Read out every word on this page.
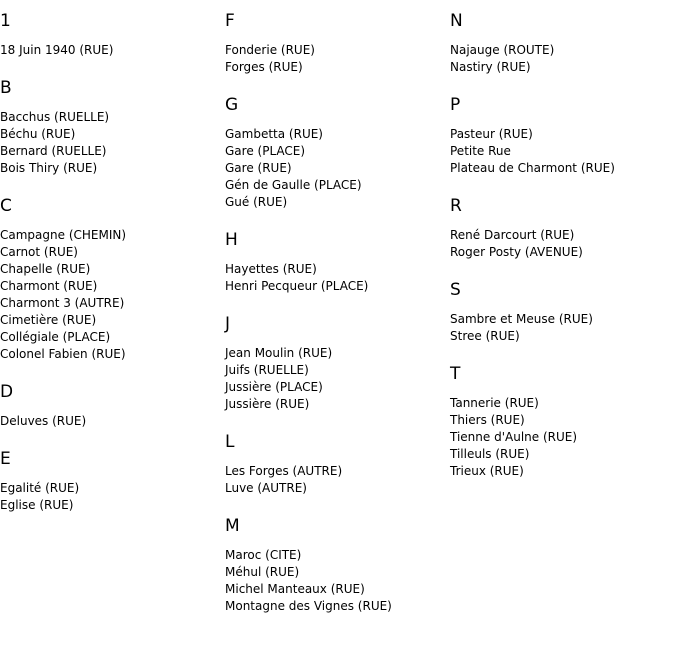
1
18 Juin 1940 (RUE)
B
Bacchus (RUELLE)
Béchu (RUE)
Bernard (RUELLE)
Bois Thiry (RUE)
C
Campagne (CHEMIN)
Carnot (RUE)
Chapelle (RUE)
Charmont (RUE)
Charmont 3 (AUTRE)
Cimetière (RUE)
Collégiale (PLACE)
Colonel Fabien (RUE)
D
Deluves (RUE)
E
Egalité (RUE)
Eglise (RUE)
F
Fonderie (RUE)
Forges (RUE)
G
Gambetta (RUE)
Gare (PLACE)
Gare (RUE)
Gén de Gaulle (PLACE)
Gué (RUE)
H
Hayettes (RUE)
Henri Pecqueur (PLACE)
J
Jean Moulin (RUE)
Juifs (RUELLE)
Jussière (PLACE)
Jussière (RUE)
L
Les Forges (AUTRE)
Luve (AUTRE)
M
Maroc (CITE)
Méhul (RUE)
Michel Manteaux (RUE)
Montagne des Vignes (RUE)
N
Najauge (ROUTE)
Nastiry (RUE)
P
Pasteur (RUE)
Petite Rue
Plateau de Charmont (RUE)
R
René Darcourt (RUE)
Roger Posty (AVENUE)
S
Sambre et Meuse (RUE)
Stree (RUE)
T
Tannerie (RUE)
Thiers (RUE)
Tienne d'Aulne (RUE)
Tilleuls (RUE)
Trieux (RUE)
